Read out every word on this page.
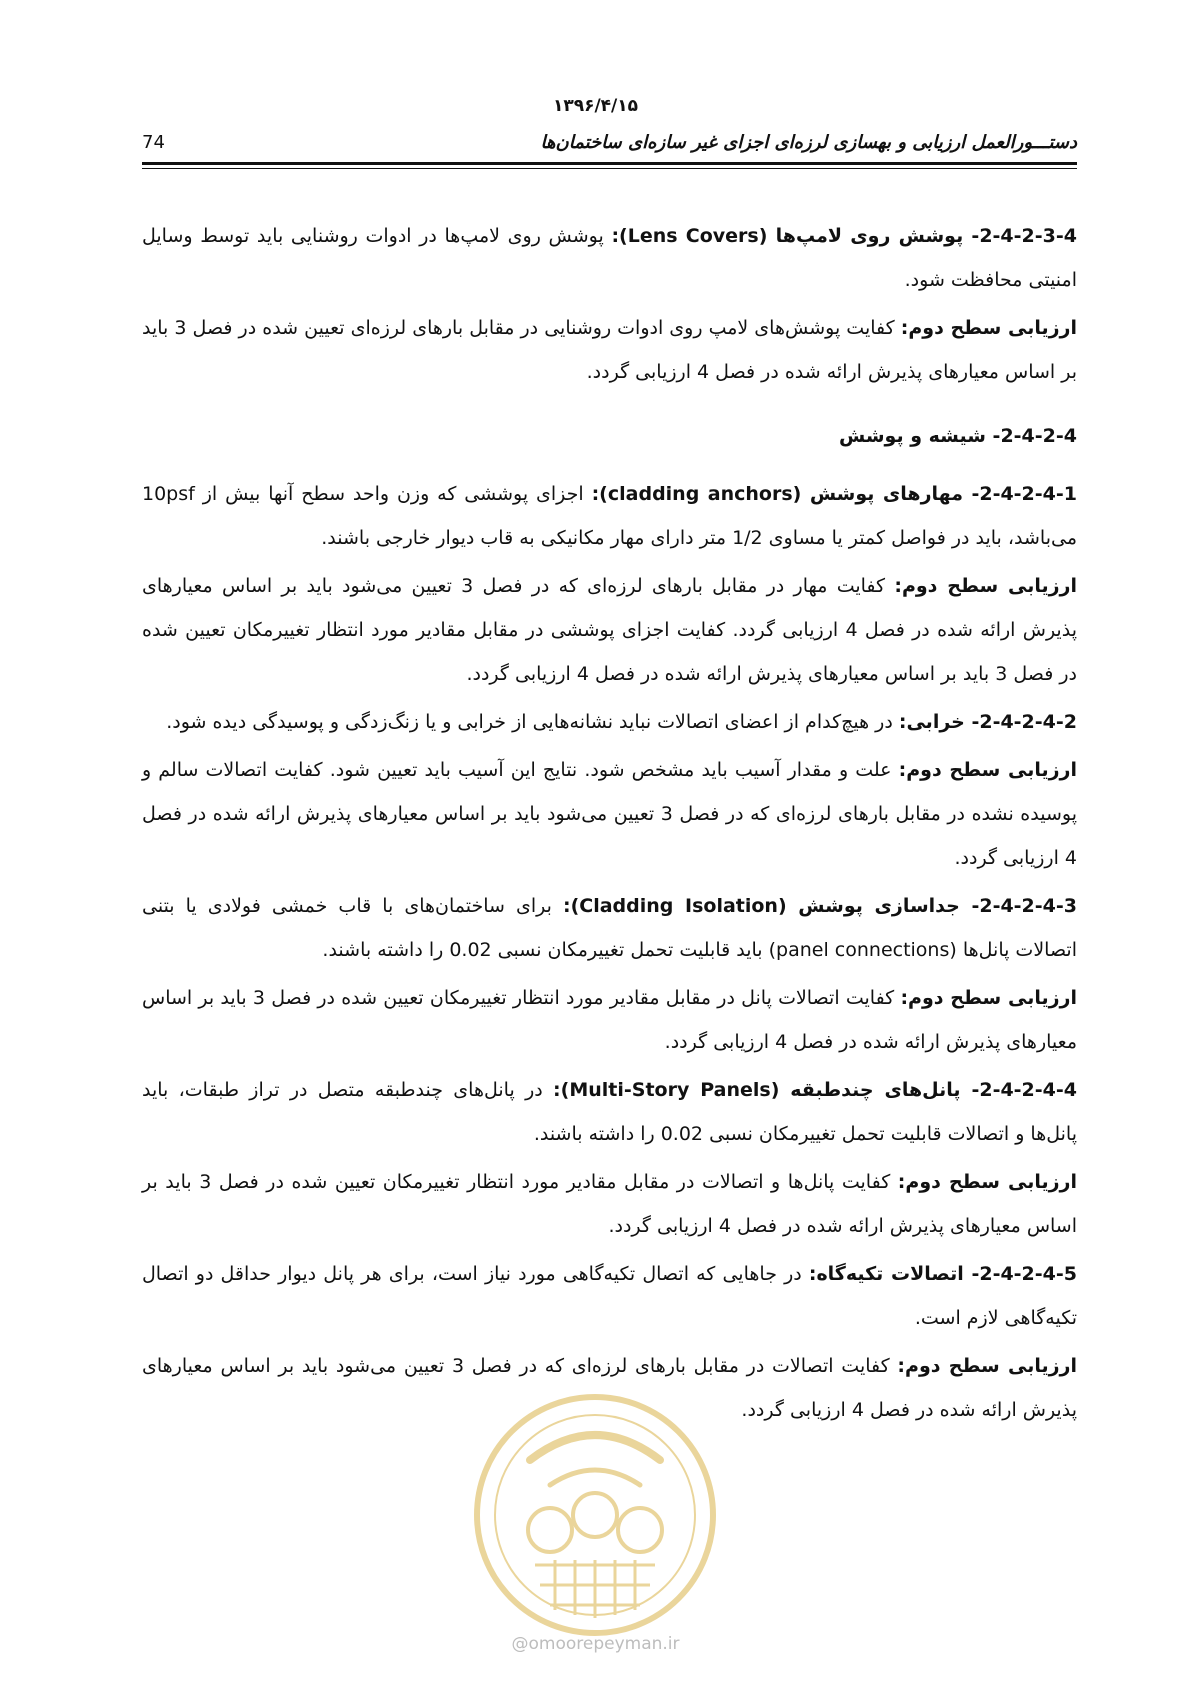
۱۳۹۶/۴/۱۵
دستـــورالعمل ارزیابی و بهسازی لرزه‌ای اجزای غیر سازه‌ای ساختمان‌ها
74

2-4-2-3-4- پوشش روی لامپ‌ها (Lens Covers): پوشش روی لامپ‌ها در ادوات روشنایی باید توسط وسایل امنیتی محافظت شود.

ارزیابی سطح دوم: کفایت پوشش‌های لامپ روی ادوات روشنایی در مقابل بارهای لرزه‌ای تعیین شده در فصل 3 باید بر اساس معیارهای پذیرش ارائه شده در فصل 4 ارزیابی گردد.

2-4-2-4- شیشه و پوشش

2-4-2-4-1- مهارهای پوشش (cladding anchors): اجزای پوششی که وزن واحد سطح آنها بیش از 10psf می‌باشد، باید در فواصل کمتر یا مساوی 1/2 متر دارای مهار مکانیکی به قاب دیوار خارجی باشند.

ارزیابی سطح دوم: کفایت مهار در مقابل بارهای لرزه‌ای که در فصل 3 تعیین می‌شود باید بر اساس معیارهای پذیرش ارائه شده در فصل 4 ارزیابی گردد. کفایت اجزای پوششی در مقابل مقادیر مورد انتظار تغییرمکان تعیین شده در فصل 3 باید بر اساس معیارهای پذیرش ارائه شده در فصل 4 ارزیابی گردد.

2-4-2-4-2- خرابی: در هیچ‌کدام از اعضای اتصالات نباید نشانه‌هایی از خرابی و یا زنگ‌زدگی و پوسیدگی دیده شود.

ارزیابی سطح دوم: علت و مقدار آسیب باید مشخص شود. نتایج این آسیب باید تعیین شود. کفایت اتصالات سالم و پوسیده نشده در مقابل بارهای لرزه‌ای که در فصل 3 تعیین می‌شود باید بر اساس معیارهای پذیرش ارائه شده در فصل 4 ارزیابی گردد.

2-4-2-4-3- جداسازی پوشش (Cladding Isolation): برای ساختمان‌های با قاب خمشی فولادی یا بتنی اتصالات پانل‌ها (panel connections) باید قابلیت تحمل تغییرمکان نسبی 0.02 را داشته باشند.

ارزیابی سطح دوم: کفایت اتصالات پانل در مقابل مقادیر مورد انتظار تغییرمکان تعیین شده در فصل 3 باید بر اساس معیارهای پذیرش ارائه شده در فصل 4 ارزیابی گردد.

2-4-2-4-4- پانل‌های چندطبقه (Multi-Story Panels): در پانل‌های چندطبقه متصل در تراز طبقات، باید پانل‌ها و اتصالات قابلیت تحمل تغییرمکان نسبی 0.02 را داشته باشند.

ارزیابی سطح دوم: کفایت پانل‌ها و اتصالات در مقابل مقادیر مورد انتظار تغییرمکان تعیین شده در فصل 3 باید بر اساس معیارهای پذیرش ارائه شده در فصل 4 ارزیابی گردد.

2-4-2-4-5- اتصالات تکیه‌گاه: در جاهایی که اتصال تکیه‌گاهی مورد نیاز است، برای هر پانل دیوار حداقل دو اتصال تکیه‌گاهی لازم است.

ارزیابی سطح دوم: کفایت اتصالات در مقابل بارهای لرزه‌ای که در فصل 3 تعیین می‌شود باید بر اساس معیارهای پذیرش ارائه شده در فصل 4 ارزیابی گردد.

@omoorepeyman.ir
